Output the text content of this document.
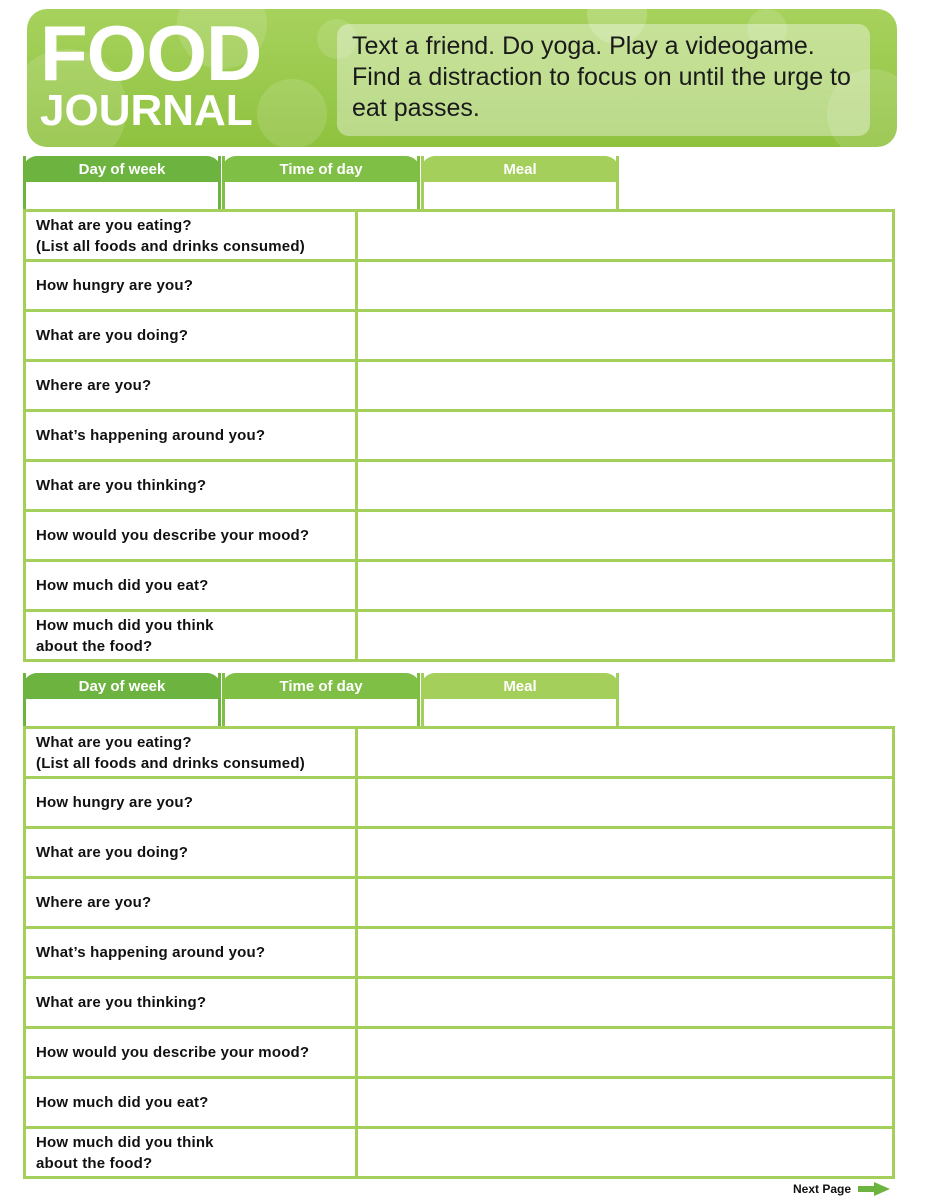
FOOD
JOURNAL
Text a friend. Do yoga. Play a videogame. Find a distraction to focus on until the urge to eat passes.
Day of week	Time of day	Meal
What are you eating?
(List all foods and drinks consumed)
How hungry are you?
What are you doing?
Where are you?
What’s happening around you?
What are you thinking?
How would you describe your mood?
How much did you eat?
How much did you think
about the food?
Day of week	Time of day	Meal
What are you eating?
(List all foods and drinks consumed)
How hungry are you?
What are you doing?
Where are you?
What’s happening around you?
What are you thinking?
How would you describe your mood?
How much did you eat?
How much did you think
about the food?
Next Page
